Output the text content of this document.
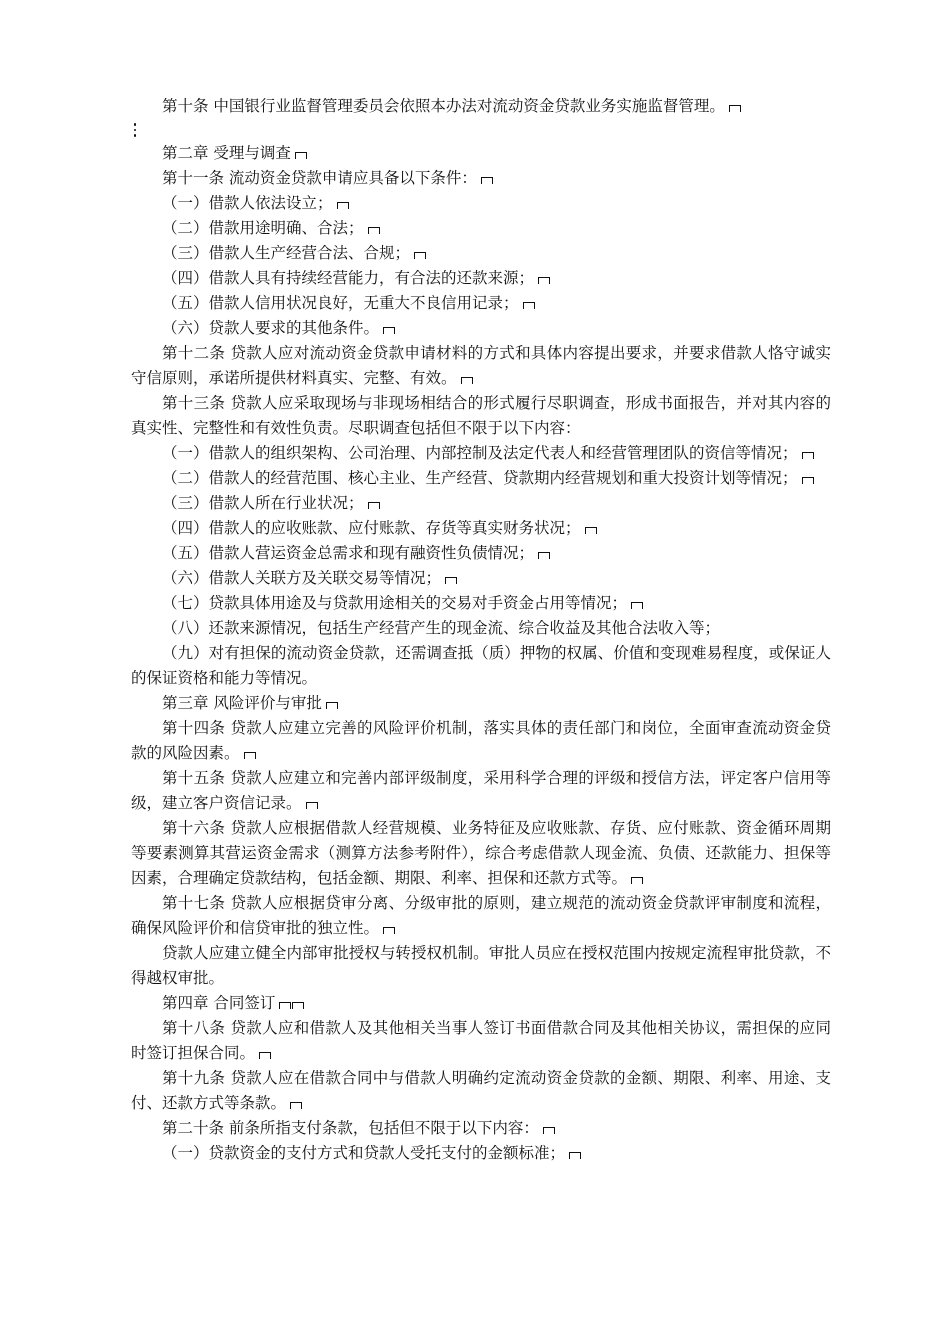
第十条 中国银行业监督管理委员会依照本办法对流动资金贷款业务实施监督管理。

第二章 受理与调查

第十一条 流动资金贷款申请应具备以下条件：

（一）借款人依法设立；

（二）借款用途明确、合法；

（三）借款人生产经营合法、合规；

（四）借款人具有持续经营能力，有合法的还款来源；

（五）借款人信用状况良好，无重大不良信用记录；

（六）贷款人要求的其他条件。

第十二条 贷款人应对流动资金贷款申请材料的方式和具体内容提出要求，并要求借款人恪守诚实守信原则，承诺所提供材料真实、完整、有效。

第十三条 贷款人应采取现场与非现场相结合的形式履行尽职调查，形成书面报告，并对其内容的真实性、完整性和有效性负责。尽职调查包括但不限于以下内容：

（一）借款人的组织架构、公司治理、内部控制及法定代表人和经营管理团队的资信等情况；

（二）借款人的经营范围、核心主业、生产经营、贷款期内经营规划和重大投资计划等情况；

（三）借款人所在行业状况；

（四）借款人的应收账款、应付账款、存货等真实财务状况；

（五）借款人营运资金总需求和现有融资性负债情况；

（六）借款人关联方及关联交易等情况；

（七）贷款具体用途及与贷款用途相关的交易对手资金占用等情况；

（八）还款来源情况，包括生产经营产生的现金流、综合收益及其他合法收入等；

（九）对有担保的流动资金贷款，还需调查抵（质）押物的权属、价值和变现难易程度，或保证人的保证资格和能力等情况。

第三章 风险评价与审批

第十四条 贷款人应建立完善的风险评价机制，落实具体的责任部门和岗位，全面审查流动资金贷款的风险因素。

第十五条 贷款人应建立和完善内部评级制度，采用科学合理的评级和授信方法，评定客户信用等级，建立客户资信记录。

第十六条 贷款人应根据借款人经营规模、业务特征及应收账款、存货、应付账款、资金循环周期等要素测算其营运资金需求（测算方法参考附件），综合考虑借款人现金流、负债、还款能力、担保等因素，合理确定贷款结构，包括金额、期限、利率、担保和还款方式等。

第十七条 贷款人应根据贷审分离、分级审批的原则，建立规范的流动资金贷款评审制度和流程，确保风险评价和信贷审批的独立性。

贷款人应建立健全内部审批授权与转授权机制。审批人员应在授权范围内按规定流程审批贷款，不得越权审批。

第四章 合同签订

第十八条 贷款人应和借款人及其他相关当事人签订书面借款合同及其他相关协议，需担保的应同时签订担保合同。

第十九条 贷款人应在借款合同中与借款人明确约定流动资金贷款的金额、期限、利率、用途、支付、还款方式等条款。

第二十条 前条所指支付条款，包括但不限于以下内容：

（一）贷款资金的支付方式和贷款人受托支付的金额标准；
